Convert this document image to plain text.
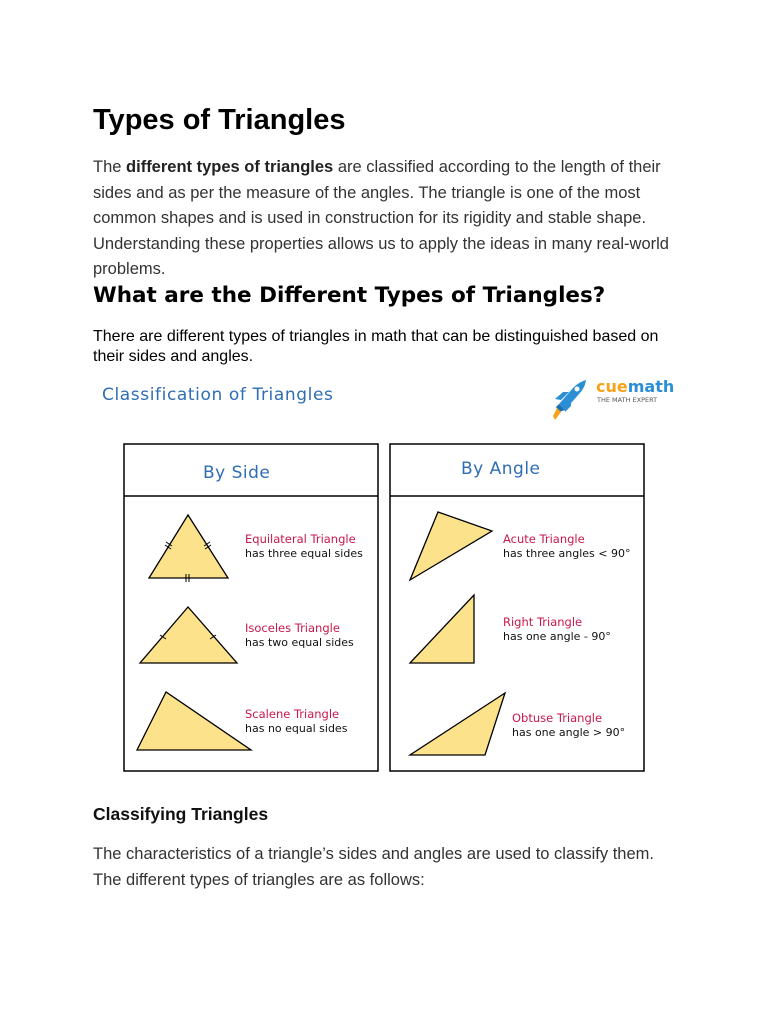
Types of Triangles

The different types of triangles are classified according to the length of their sides and as per the measure of the angles. The triangle is one of the most common shapes and is used in construction for its rigidity and stable shape. Understanding these properties allows us to apply the ideas in many real-world problems.

What are the Different Types of Triangles?

There are different types of triangles in math that can be distinguished based on their sides and angles.

Classification of Triangles	cuemath
THE MATH EXPERT
By Side
Equilateral Triangle
has three equal sides
Isoceles Triangle
has two equal sides
Scalene Triangle
has no equal sides
By Angle
Acute Triangle
has three angles < 90°
Right Triangle
has one angle - 90°
Obtuse Triangle
has one angle > 90°
Classifying Triangles

The characteristics of a triangle’s sides and angles are used to classify them. The different types of triangles are as follows:
